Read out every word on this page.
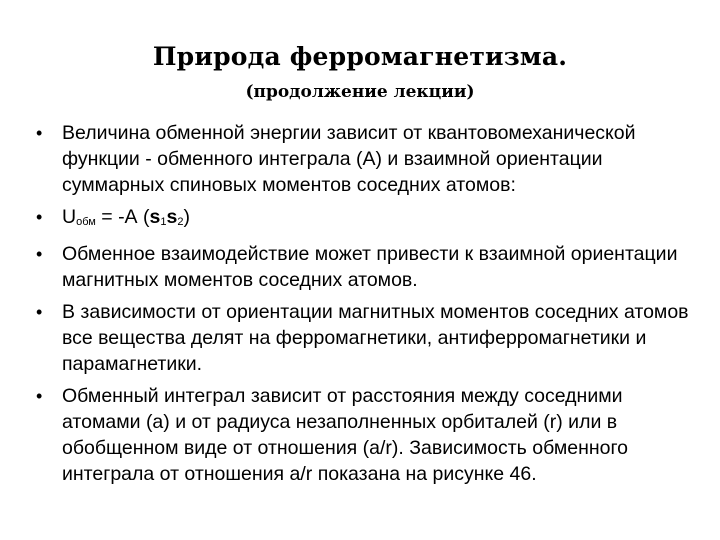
Природа ферромагнетизма.
(продолжение лекции)
•	Величина обменной энергии зависит от квантовомеханической функции - обменного интеграла (А) и взаимной ориентации суммарных спиновых моментов соседних атомов:
•	$U_{обм} = -А$ $(s_1s_2)$
•	Обменное взаимодействие может привести к взаимной ориентации магнитных моментов соседних атомов.
•	В зависимости от ориентации магнитных моментов соседних атомов все вещества делят на ферромагнетики, антиферромагнетики и парамагнетики.
•	Обменный интеграл зависит от расстояния между соседними атомами (а) и от радиуса незаполненных орбиталей (r) или в обобщенном виде от отношения (a/r). Зависимость обменного интеграла от отношения a/r показана на рисунке 46.
